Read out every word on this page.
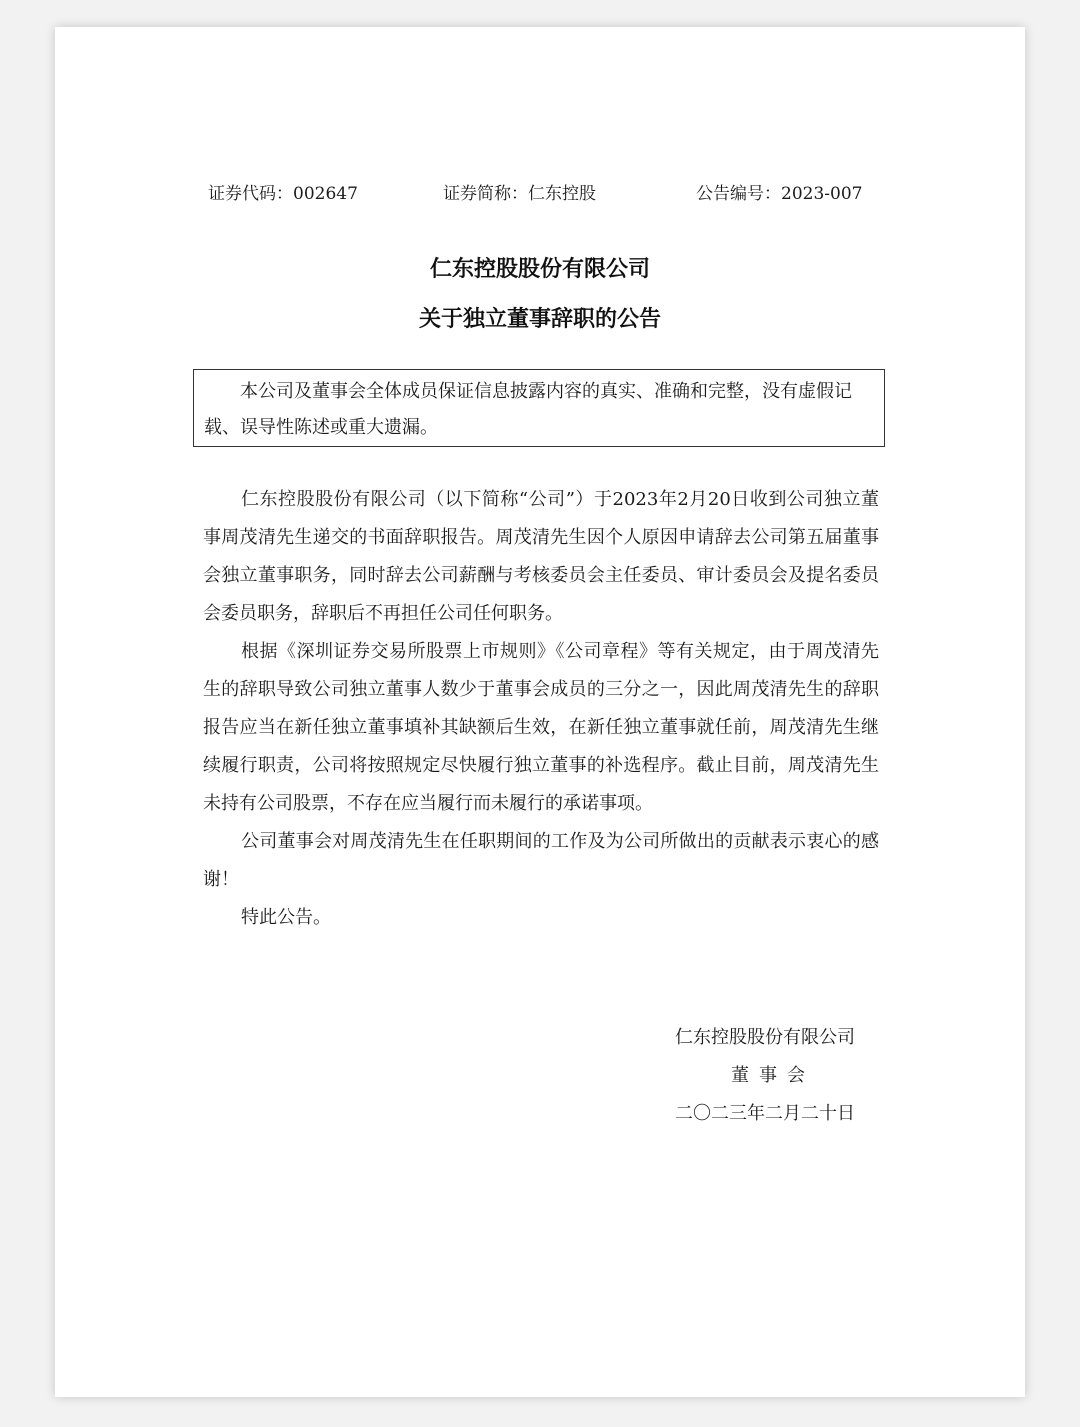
证券代码：002647	证券简称：仁东控股	公告编号：2023-007
仁东控股股份有限公司
关于独立董事辞职的公告

本公司及董事会全体成员保证信息披露内容的真实、准确和完整，没有虚假记载、误导性陈述或重大遗漏。

仁东控股股份有限公司（以下简称“公司”）于2023年2月20日收到公司独立董事周茂清先生递交的书面辞职报告。周茂清先生因个人原因申请辞去公司第五届董事会独立董事职务，同时辞去公司薪酬与考核委员会主任委员、审计委员会及提名委员会委员职务，辞职后不再担任公司任何职务。

根据《深圳证券交易所股票上市规则》《公司章程》等有关规定，由于周茂清先生的辞职导致公司独立董事人数少于董事会成员的三分之一，因此周茂清先生的辞职报告应当在新任独立董事填补其缺额后生效，在新任独立董事就任前，周茂清先生继续履行职责，公司将按照规定尽快履行独立董事的补选程序。截止目前，周茂清先生未持有公司股票，不存在应当履行而未履行的承诺事项。

公司董事会对周茂清先生在任职期间的工作及为公司所做出的贡献表示衷心的感谢！

特此公告。

仁东控股股份有限公司
董事会
二〇二三年二月二十日
